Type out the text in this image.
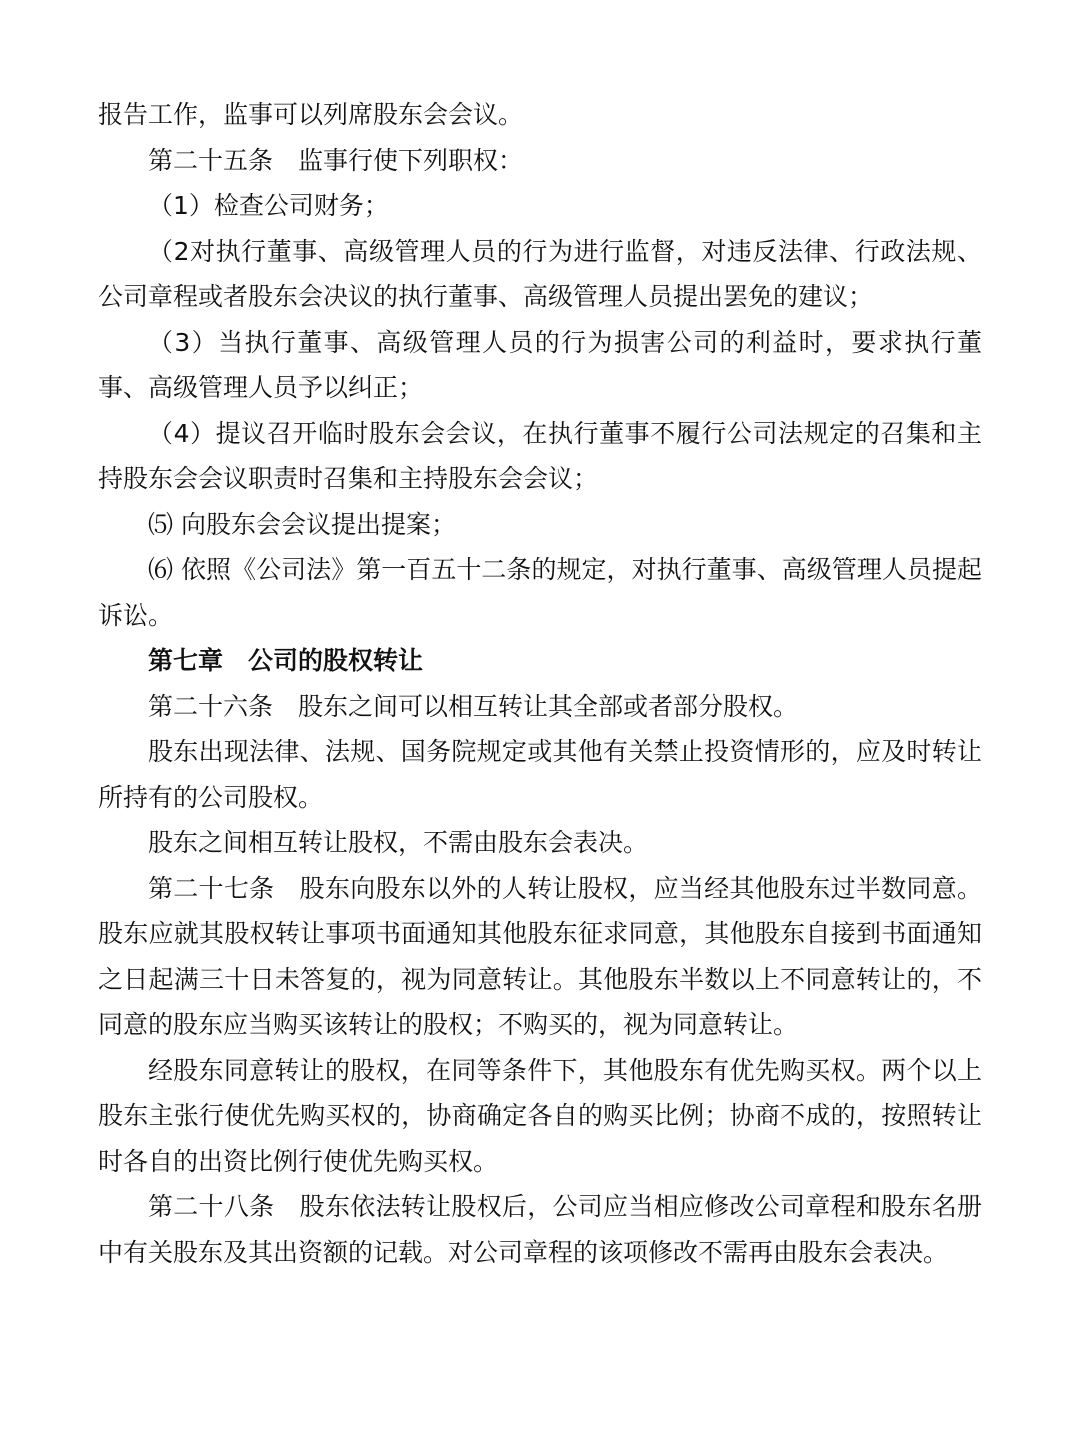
报告工作，监事可以列席股东会会议。

第二十五条　监事行使下列职权：

（1）检查公司财务；

（2对执行董事、高级管理人员的行为进行监督，对违反法律、行政法规、公司章程或者股东会决议的执行董事、高级管理人员提出罢免的建议；

（3）当执行董事、高级管理人员的行为损害公司的利益时，要求执行董事、高级管理人员予以纠正；

（4）提议召开临时股东会会议，在执行董事不履行公司法规定的召集和主持股东会会议职责时召集和主持股东会会议；

⑸ 向股东会会议提出提案；

⑹ 依照《公司法》第一百五十二条的规定，对执行董事、高级管理人员提起诉讼。

第七章　公司的股权转让

第二十六条　股东之间可以相互转让其全部或者部分股权。

股东出现法律、法规、国务院规定或其他有关禁止投资情形的，应及时转让所持有的公司股权。

股东之间相互转让股权，不需由股东会表决。

第二十七条　股东向股东以外的人转让股权，应当经其他股东过半数同意。股东应就其股权转让事项书面通知其他股东征求同意，其他股东自接到书面通知之日起满三十日未答复的，视为同意转让。其他股东半数以上不同意转让的，不同意的股东应当购买该转让的股权；不购买的，视为同意转让。

经股东同意转让的股权，在同等条件下，其他股东有优先购买权。两个以上股东主张行使优先购买权的，协商确定各自的购买比例；协商不成的，按照转让时各自的出资比例行使优先购买权。

第二十八条　股东依法转让股权后，公司应当相应修改公司章程和股东名册中有关股东及其出资额的记载。对公司章程的该项修改不需再由股东会表决。
